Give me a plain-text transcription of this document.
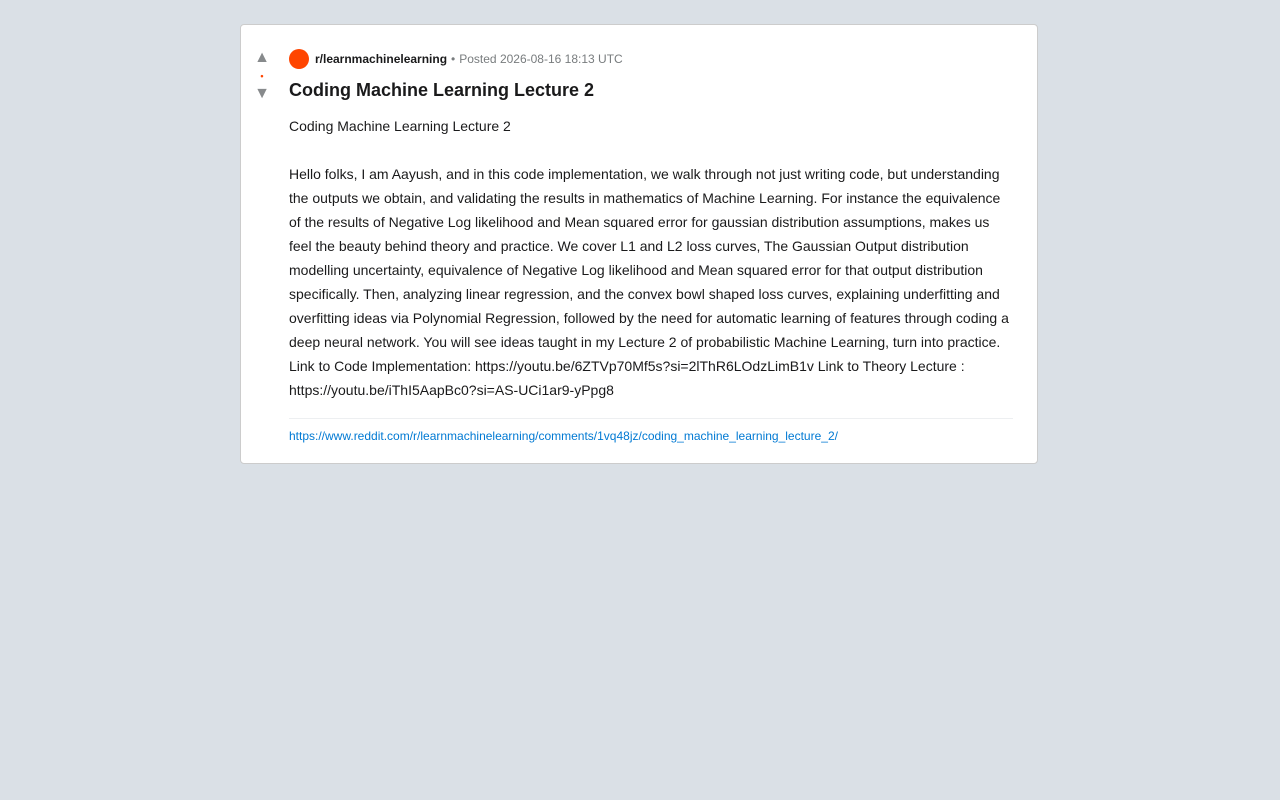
▲
•
▼
r/learnmachinelearning • Posted 2026-08-16 18:13 UTC
Coding Machine Learning Lecture 2

Coding Machine Learning Lecture 2

Hello folks, I am Aayush, and in this code implementation, we walk through not just writing code, but understanding the outputs we obtain, and validating the results in mathematics of Machine Learning. For instance the equivalence of the results of Negative Log likelihood and Mean squared error for gaussian distribution assumptions, makes us feel the beauty behind theory and practice. We cover L1 and L2 loss curves, The Gaussian Output distribution modelling uncertainty, equivalence of Negative Log likelihood and Mean squared error for that output distribution specifically. Then, analyzing linear regression, and the convex bowl shaped loss curves, explaining underfitting and overfitting ideas via Polynomial Regression, followed by the need for automatic learning of features through coding a deep neural network. You will see ideas taught in my Lecture 2 of probabilistic Machine Learning, turn into practice. Link to Code Implementation: https://youtu.be/6ZTVp70Mf5s?si=2lThR6LOdzLimB1v Link to Theory Lecture : https://youtu.be/iThI5AapBc0?si=AS-UCi1ar9-yPpg8

https://www.reddit.com/r/learnmachinelearning/comments/1vq48jz/coding_machine_learning_lecture_2/
